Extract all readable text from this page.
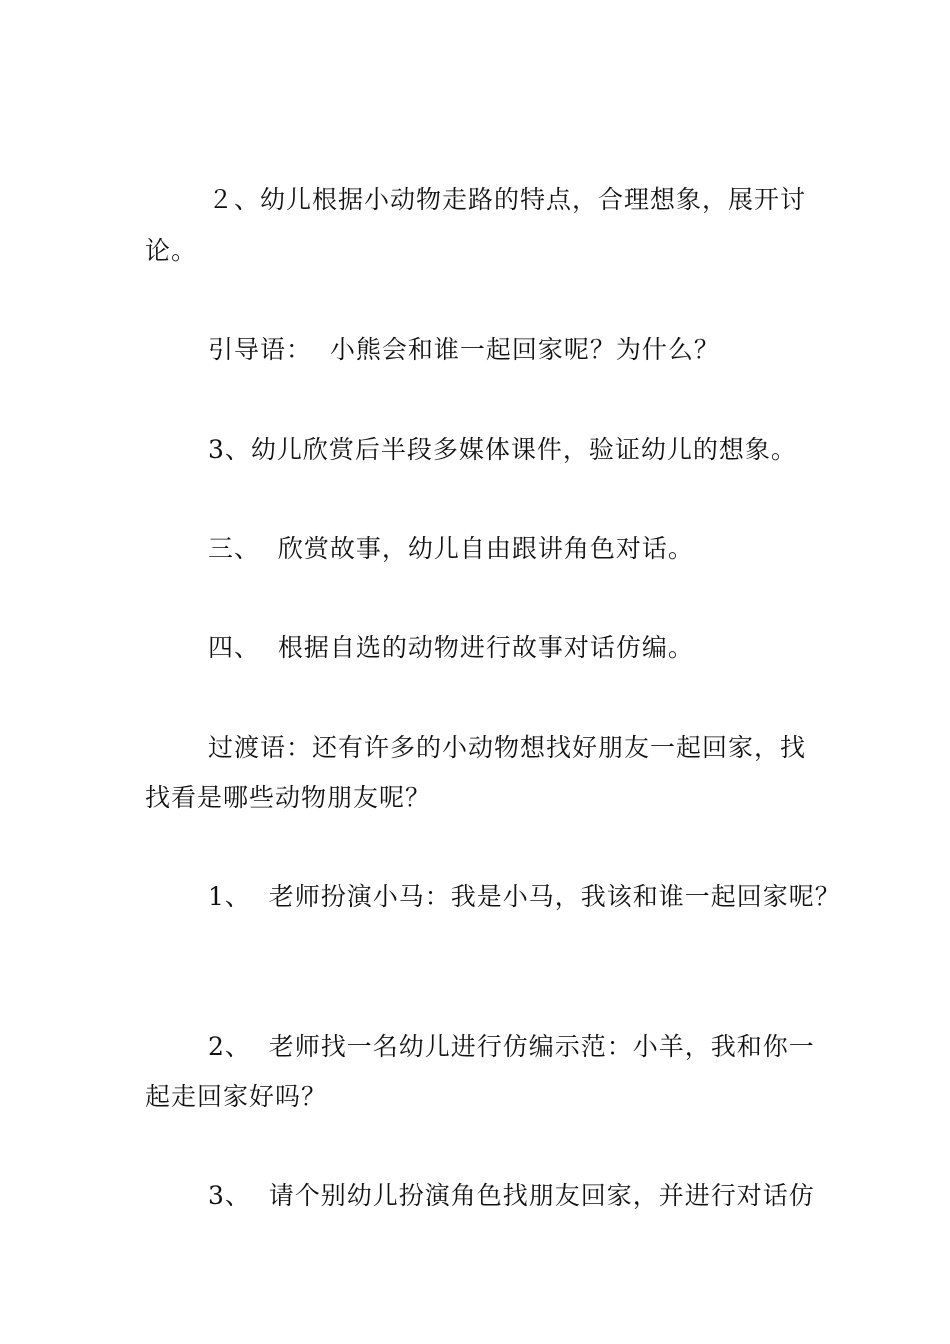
２、幼儿根据小动物走路的特点，合理想象，展开讨
论。
引导语：  小熊会和谁一起回家呢？为什么？
3、幼儿欣赏后半段多媒体课件，验证幼儿的想象。
三、  欣赏故事，幼儿自由跟讲角色对话。
四、  根据自选的动物进行故事对话仿编。
过渡语：还有许多的小动物想找好朋友一起回家，找
找看是哪些动物朋友呢？
1、  老师扮演小马：我是小马，我该和谁一起回家呢？
2、  老师找一名幼儿进行仿编示范：小羊，我和你一
起走回家好吗？
3、  请个别幼儿扮演角色找朋友回家，并进行对话仿
